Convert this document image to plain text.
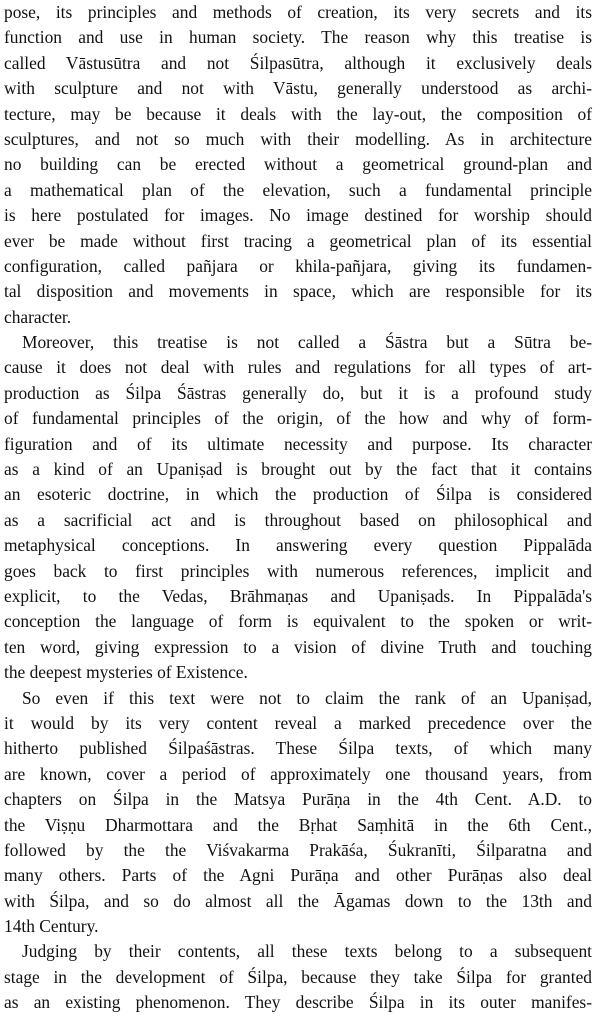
pose, its principles and methods of creation, its very secrets and its
function and use in human society. The reason why this treatise is
called Vāstusūtra and not Śilpasūtra, although it exclusively deals
with sculpture and not with Vāstu, generally understood as archi-
tecture, may be because it deals with the lay-out, the composition of
sculptures, and not so much with their modelling. As in architecture
no building can be erected without a geometrical ground-plan and
a mathematical plan of the elevation, such a fundamental principle
is here postulated for images. No image destined for worship should
ever be made without first tracing a geometrical plan of its essential
configuration, called pañjara or khila-pañjara, giving its fundamen-
tal disposition and movements in space, which are responsible for its
character.
Moreover, this treatise is not called a Śāstra but a Sūtra be-
cause it does not deal with rules and regulations for all types of art-
production as Śilpa Śāstras generally do, but it is a profound study
of fundamental principles of the origin, of the how and why of form-
figuration and of its ultimate necessity and purpose. Its character
as a kind of an Upaniṣad is brought out by the fact that it contains
an esoteric doctrine, in which the production of Śilpa is considered
as a sacrificial act and is throughout based on philosophical and
metaphysical conceptions. In answering every question Pippalāda
goes back to first principles with numerous references, implicit and
explicit, to the Vedas, Brāhmaṇas and Upaniṣads. In Pippalāda's
conception the language of form is equivalent to the spoken or writ-
ten word, giving expression to a vision of divine Truth and touching
the deepest mysteries of Existence.
So even if this text were not to claim the rank of an Upaniṣad,
it would by its very content reveal a marked precedence over the
hitherto published Śilpaśāstras. These Śilpa texts, of which many
are known, cover a period of approximately one thousand years, from
chapters on Śilpa in the Matsya Purāṇa in the 4th Cent. A.D. to
the Viṣṇu Dharmottara and the Bṛhat Saṃhitā in the 6th Cent.,
followed by the the Viśvakarma Prakāśa, Śukranīti, Śilparatna and
many others. Parts of the Agni Purāṇa and other Purāṇas also deal
with Śilpa, and so do almost all the Āgamas down to the 13th and
14th Century.
Judging by their contents, all these texts belong to a subsequent
stage in the development of Śilpa, because they take Śilpa for granted
as an existing phenomenon. They describe Śilpa in its outer manifes-
